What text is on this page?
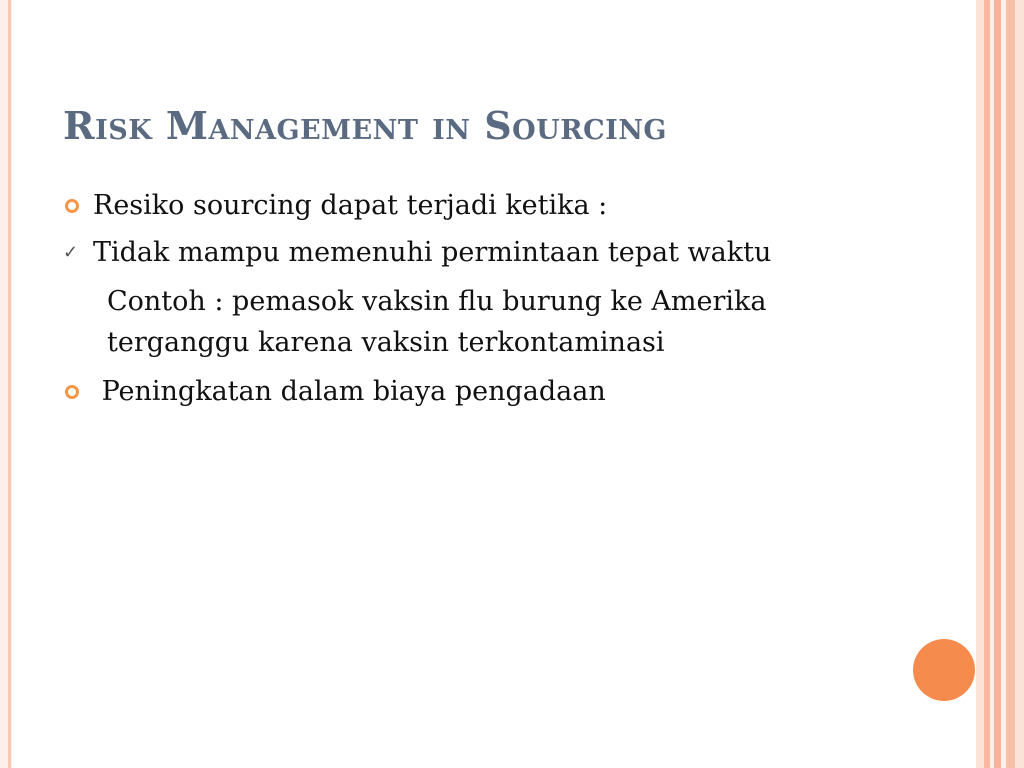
Risk Management in Sourcing
Resiko sourcing dapat terjadi ketika :
✓ Tidak mampu memenuhi permintaan tepat waktu
Contoh : pemasok vaksin flu burung ke Amerika terganggu karena vaksin terkontaminasi
Peningkatan dalam biaya pengadaan
